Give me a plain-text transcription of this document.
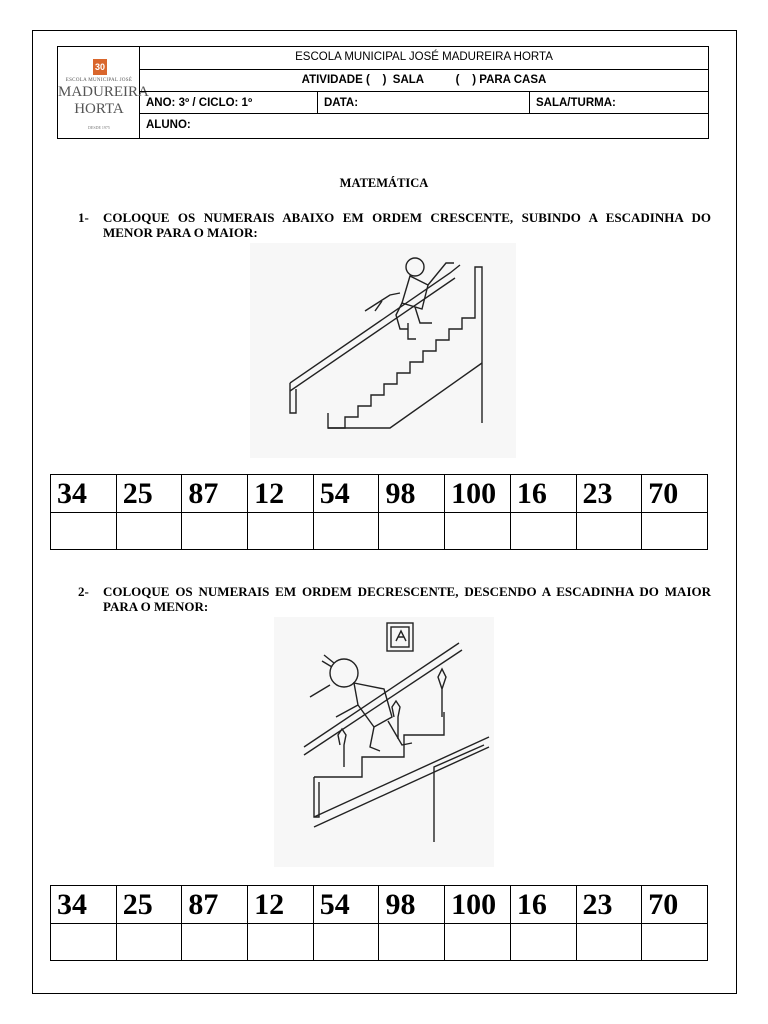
30
ESCOLA MUNICIPAL JOSÉ
MADUREIRA
HORTA
DESDE 1975
ESCOLA MUNICIPAL JOSÉ MADUREIRA HORTA
ATIVIDADE (    )  SALA          (    ) PARA CASA
ANO: 3º / CICLO: 1º	DATA:	SALA/TURMA:
ALUNO:
MATEMÁTICA
1-	COLOQUE OS NUMERAIS ABAIXO EM ORDEM CRESCENTE, SUBINDO A ESCADINHA DO MENOR PARA O MAIOR:
34	25	87	12	54	98	100	16	23	70

2-	COLOQUE OS NUMERAIS EM ORDEM DECRESCENTE, DESCENDO A ESCADINHA DO MAIOR PARA O MENOR:
34	25	87	12	54	98	100	16	23	70
